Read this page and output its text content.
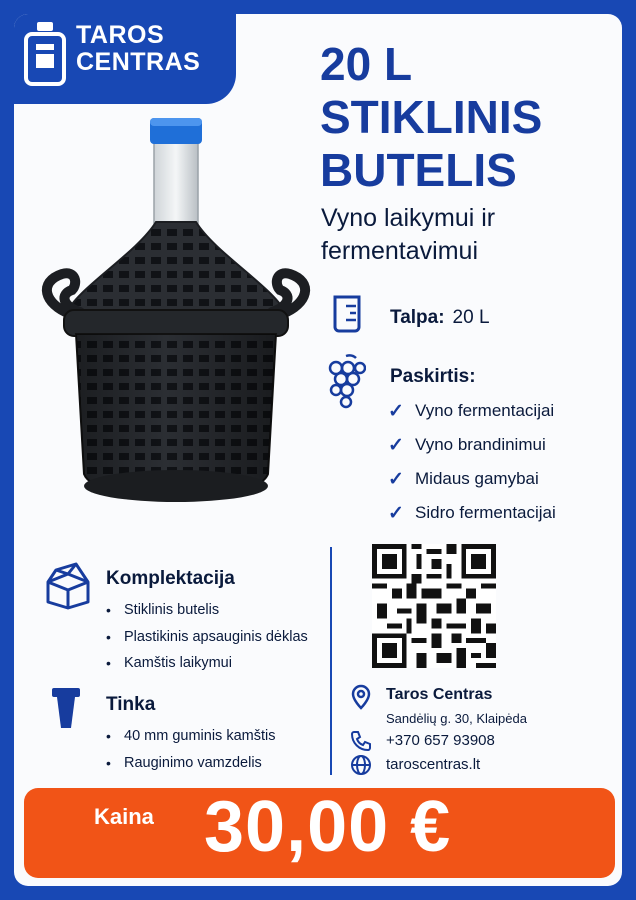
TAROS
CENTRAS	20 L
STIKLINIS
BUTELIS
Vyno laikymui ir fermentavimui
Talpa: 20 L
Paskirtis:
✓ Vyno fermentacijai
✓ Vyno brandinimui
✓ Midaus gamybai
✓ Sidro fermentacijai
Komplektacija
• Stiklinis butelis
• Plastikinis apsauginis dėklas
• Kamštis laikymui
Tinka
• 40 mm guminis kamštis
• Rauginimo vamzdelis
Taros Centras
Sandėlių g. 30, Klaipėda
+370 657 93908
taroscentras.lt
Kaina 30,00 €
